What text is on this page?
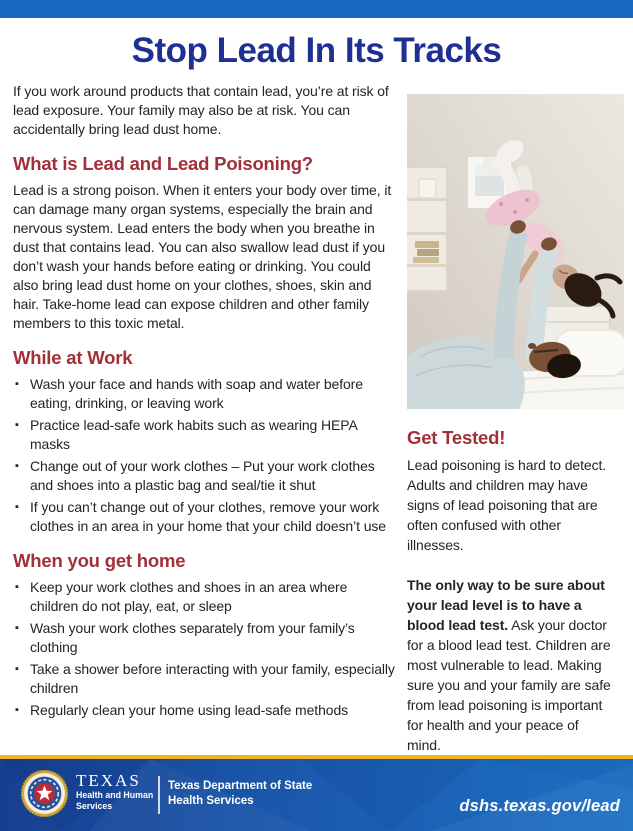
Stop Lead In Its Tracks

If you work around products that contain lead, you’re at risk of lead exposure. Your family may also be at risk. You can accidentally bring lead dust home.

What is Lead and Lead Poisoning?

Lead is a strong poison. When it enters your body over time, it can damage many organ systems, especially the brain and nervous system. Lead enters the body when you breathe in dust that contains lead. You can also swallow lead dust if you don’t wash your hands before eating or drinking. You could also bring lead dust home on your clothes, shoes, skin and hair. Take-home lead can expose children and other family members to this toxic metal.

While at Work
▪ Wash your face and hands with soap and water before eating, drinking, or leaving work
▪ Practice lead-safe work habits such as wearing HEPA masks
▪ Change out of your work clothes – Put your work clothes and shoes into a plastic bag and seal/tie it shut
▪ If you can’t change out of your clothes, remove your work clothes in an area in your home that your child doesn’t use
When you get home
▪ Keep your work clothes and shoes in an area where children do not play, eat, or sleep
▪ Wash your work clothes separately from your family’s clothing
▪ Take a shower before interacting with your family, especially children
▪ Regularly clean your home using lead-safe methods
Get Tested!

Lead poisoning is hard to detect. Adults and children may have signs of lead poisoning that are often confused with other illnesses.

The only way to be sure about your lead level is to have a blood lead test. Ask your doctor for a blood lead test. Children are most vulnerable to lead. Making sure you and your family are safe from lead poisoning is important for health and your peace of mind.

TEXAS
Health and Human
Services
Texas Department of State
Health Services	dshs.texas.gov/lead
